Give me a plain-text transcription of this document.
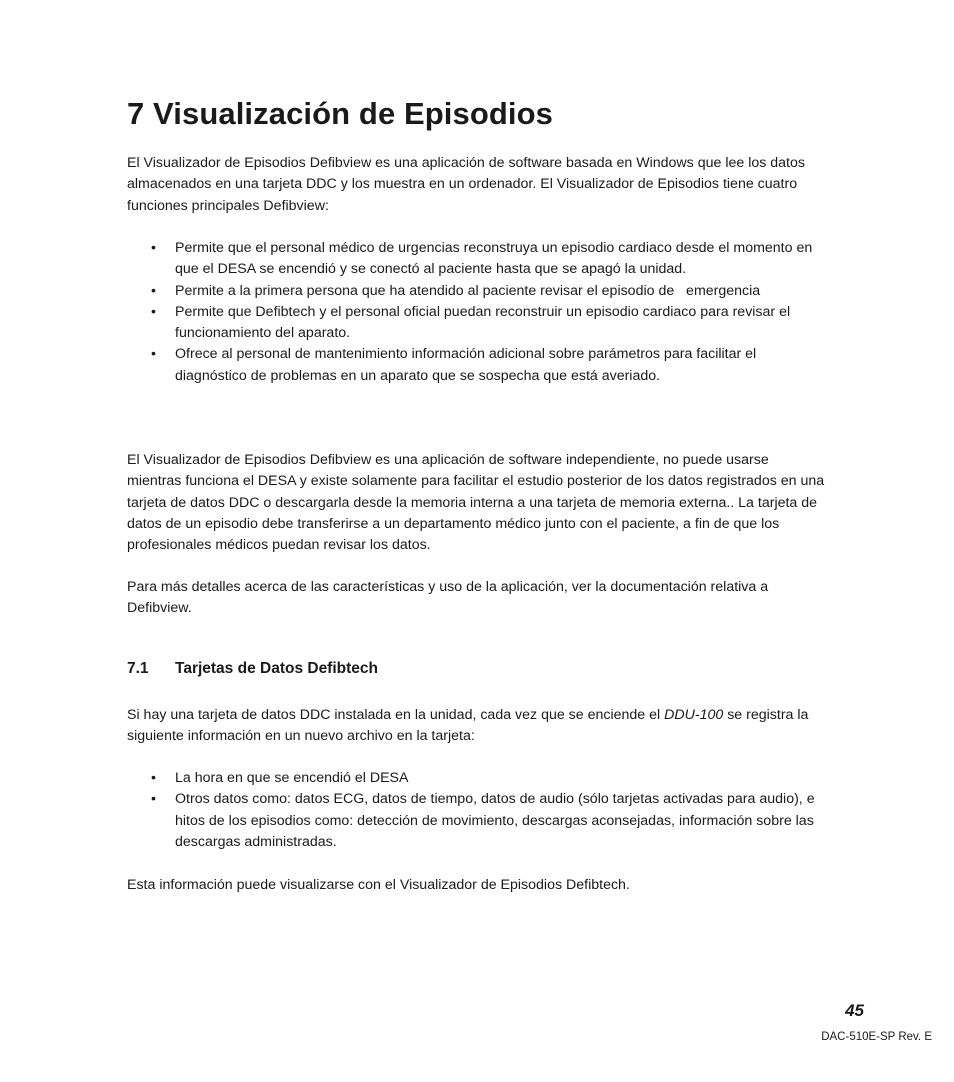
7 Visualización de Episodios

El Visualizador de Episodios Defibview es una aplicación de software basada en Windows que lee los datos almacenados en una tarjeta DDC y los muestra en un ordenador. El Visualizador de Episodios tiene cuatro funciones principales Defibview:

• Permite que el personal médico de urgencias reconstruya un episodio cardiaco desde el momento en que el DESA se encendió y se conectó al paciente hasta que se apagó la unidad.
• Permite a la primera persona que ha atendido al paciente revisar el episodio de   emergencia
• Permite que Defibtech y el personal oficial puedan reconstruir un episodio cardiaco para revisar el funcionamiento del aparato.
• Ofrece al personal de mantenimiento información adicional sobre parámetros para facilitar el diagnóstico de problemas en un aparato que se sospecha que está averiado.

El Visualizador de Episodios Defibview es una aplicación de software independiente, no puede usarse mientras funciona el DESA y existe solamente para facilitar el estudio posterior de los datos registrados en una tarjeta de datos DDC o descargarla desde la memoria interna a una tarjeta de memoria externa.. La tarjeta de datos de un episodio debe transferirse a un departamento médico junto con el paciente, a fin de que los profesionales médicos puedan revisar los datos.

Para más detalles acerca de las características y uso de la aplicación, ver la documentación relativa a Defibview.

7.1 Tarjetas de Datos Defibtech

Si hay una tarjeta de datos DDC instalada en la unidad, cada vez que se enciende el DDU-100 se registra la siguiente información en un nuevo archivo en la tarjeta:

• La hora en que se encendió el DESA
• Otros datos como: datos ECG, datos de tiempo, datos de audio (sólo tarjetas activadas para audio), e hitos de los episodios como: detección de movimiento, descargas aconsejadas, información sobre las descargas administradas.

Esta información puede visualizarse con el Visualizador de Episodios Defibtech.

45
DAC-510E-SP Rev. E
